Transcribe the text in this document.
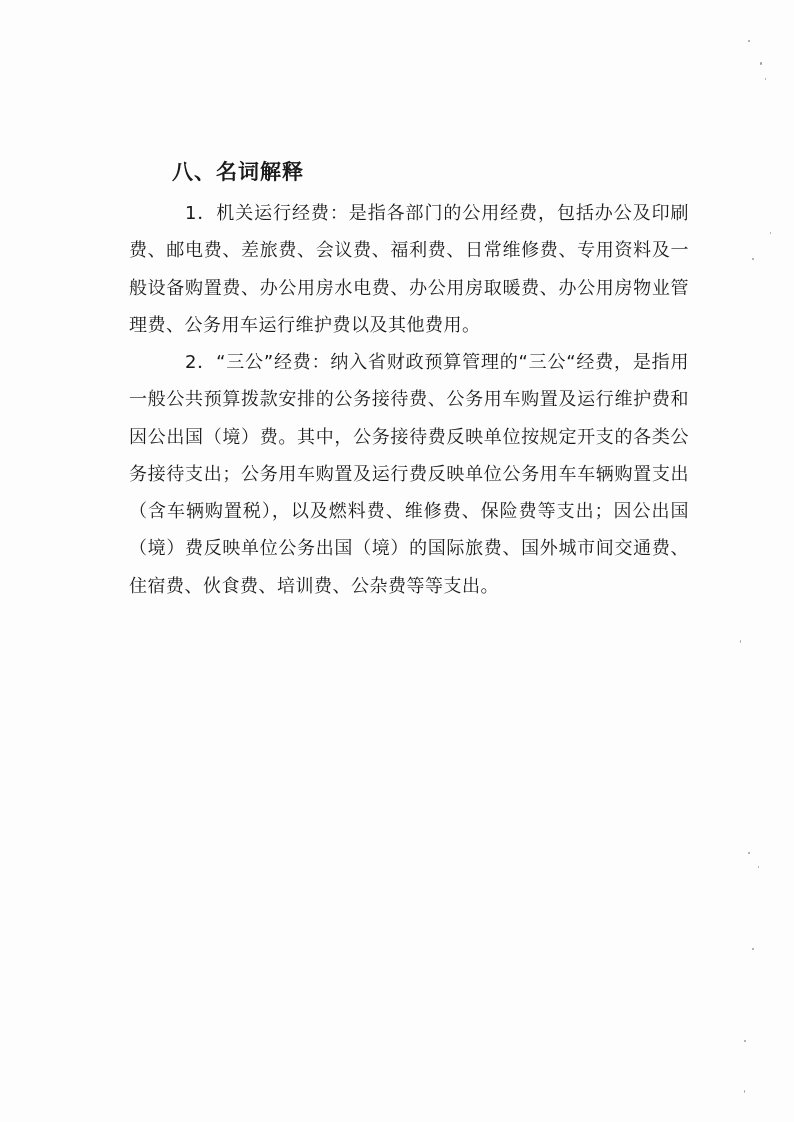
八、名词解释

1．机关运行经费：是指各部门的公用经费，包括办公及印刷费、邮电费、差旅费、会议费、福利费、日常维修费、专用资料及一般设备购置费、办公用房水电费、办公用房取暖费、办公用房物业管理费、公务用车运行维护费以及其他费用。

2．“三公”经费：纳入省财政预算管理的“三公“经费，是指用一般公共预算拨款安排的公务接待费、公务用车购置及运行维护费和因公出国（境）费。其中，公务接待费反映单位按规定开支的各类公务接待支出；公务用车购置及运行费反映单位公务用车车辆购置支出（含车辆购置税），以及燃料费、维修费、保险费等支出；因公出国（境）费反映单位公务出国（境）的国际旅费、国外城市间交通费、住宿费、伙食费、培训费、公杂费等等支出。
